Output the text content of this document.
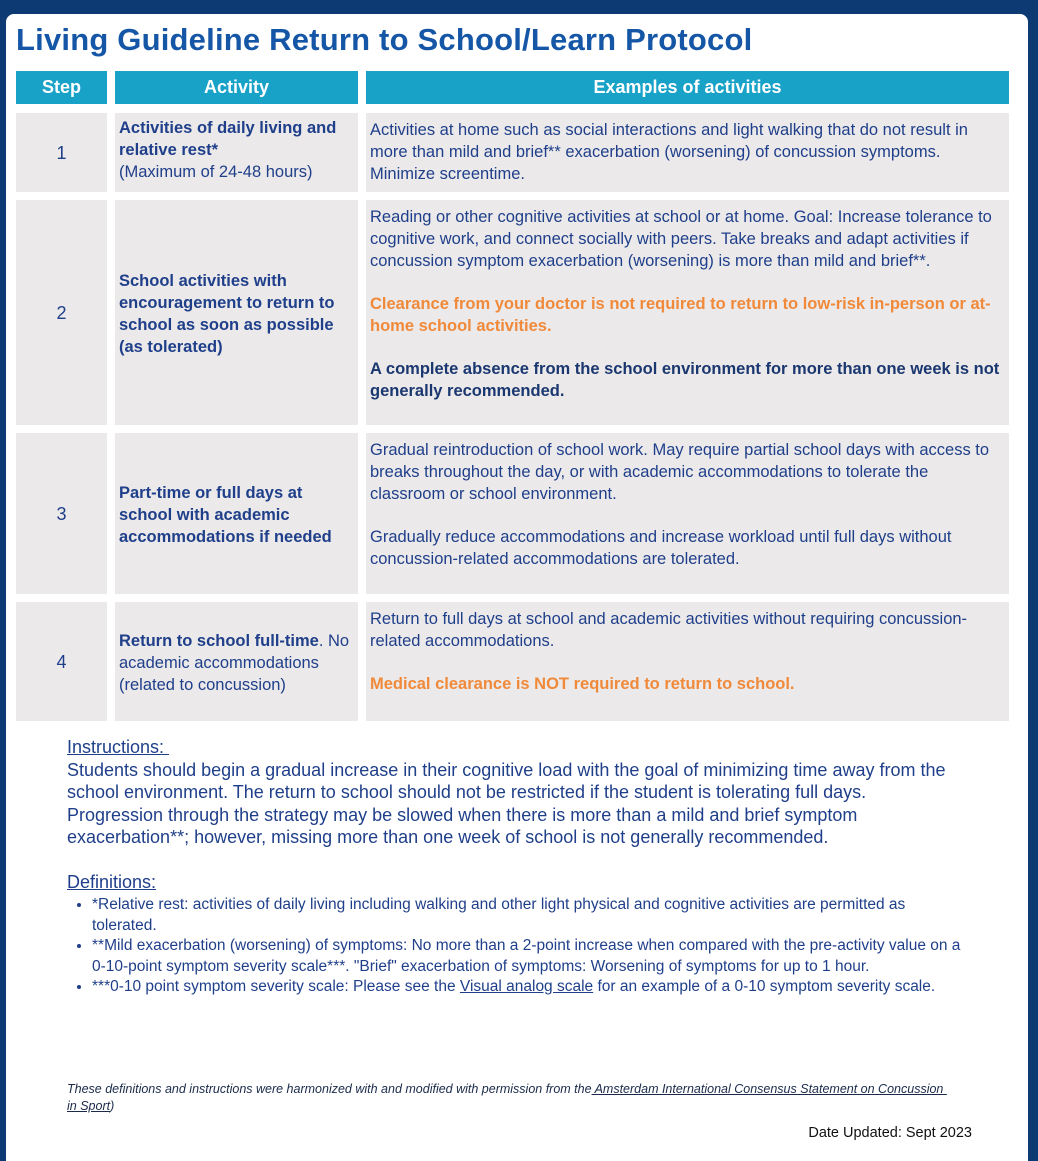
Living Guideline Return to School/Learn Protocol
Step	Activity	Examples of activities
1
Activities of daily living and relative rest*
(Maximum of 24-48 hours)

Activities at home such as social interactions and light walking that do not result in more than mild and brief** exacerbation (worsening) of concussion symptoms. Minimize screentime.

2
School activities with encouragement to return to school as soon as possible (as tolerated)

Reading or other cognitive activities at school or at home. Goal: Increase tolerance to cognitive work, and connect socially with peers. Take breaks and adapt activities if concussion symptom exacerbation (worsening) is more than mild and brief**.

Clearance from your doctor is not required to return to low-risk in-person or at-home school activities.

A complete absence from the school environment for more than one week is not generally recommended.

3
Part-time or full days at school with academic accommodations if needed

Gradual reintroduction of school work. May require partial school days with access to breaks throughout the day, or with academic accommodations to tolerate the classroom or school environment.

Gradually reduce accommodations and increase workload until full days without concussion-related accommodations are tolerated.

4
Return to school full-time. No academic accommodations (related to concussion)

Return to full days at school and academic activities without requiring concussion-related accommodations.

Medical clearance is NOT required to return to school.

Instructions:

Students should begin a gradual increase in their cognitive load with the goal of minimizing time away from the school environment. The return to school should not be restricted if the student is tolerating full days. Progression through the strategy may be slowed when there is more than a mild and brief symptom exacerbation**; however, missing more than one week of school is not generally recommended.

Definitions:
• *Relative rest: activities of daily living including walking and other light physical and cognitive activities are permitted as tolerated.
• **Mild exacerbation (worsening) of symptoms: No more than a 2-point increase when compared with the pre-activity value on a 0-10-point symptom severity scale***. "Brief" exacerbation of symptoms: Worsening of symptoms for up to 1 hour.
• ***0-10 point symptom severity scale: Please see the Visual analog scale for an example of a 0-10 symptom severity scale.
These definitions and instructions were harmonized with and modified with permission from the Amsterdam International Consensus Statement on Concussion in Sport)
Date Updated: Sept 2023
